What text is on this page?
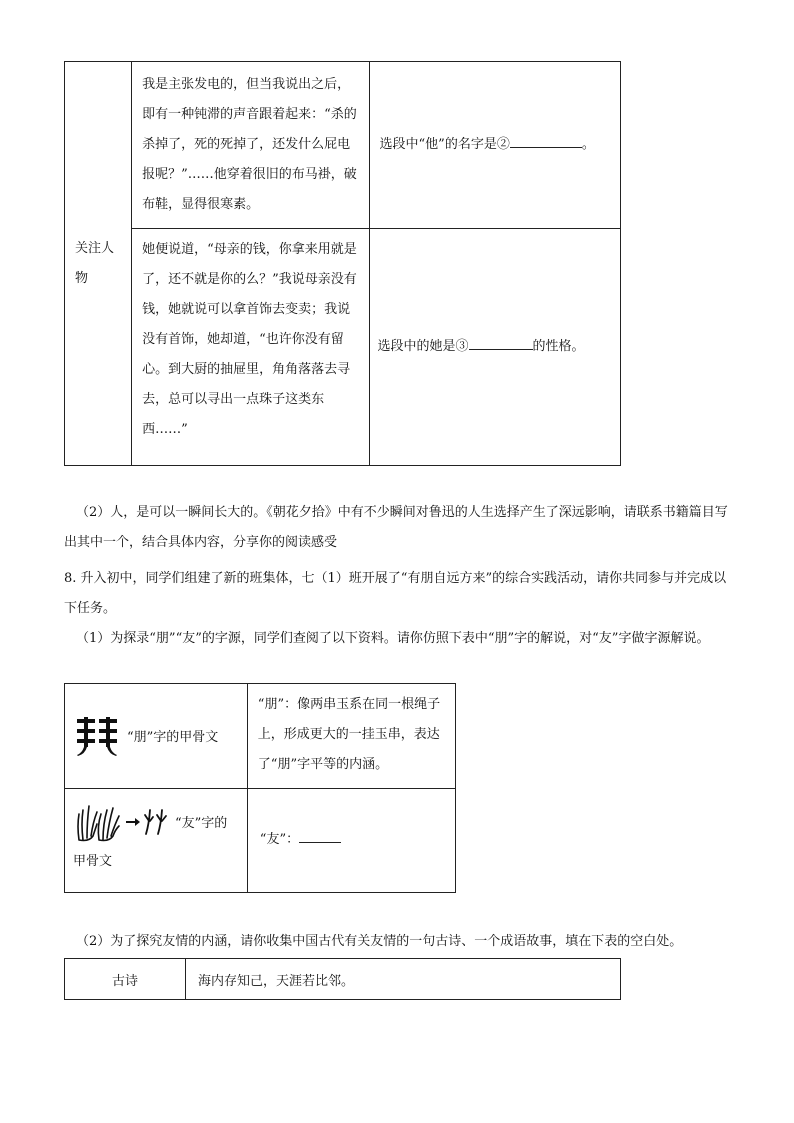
关注人物	我是主张发电的，但当我说出之后，即有一种钝滞的声音跟着起来：“杀的杀掉了，死的死掉了，还发什么屁电报呢？”……他穿着很旧的布马褂，破布鞋，显得很寒素。	选段中“他”的名字是② 。

	她便说道，“母亲的钱，你拿来用就是了，还不就是你的么？”我说母亲没有钱，她就说可以拿首饰去变卖；我说没有首饰，她却道，“也许你没有留心。到大厨的抽屉里，角角落落去寻去，总可以寻出一点珠子这类东西……”	选段中的她是③ 的性格。
（2）人，是可以一瞬间长大的。《朝花夕拾》中有不少瞬间对鲁迅的人生选择产生了深远影响，请联系书籍篇目写出其中一个，结合具体内容，分享你的阅读感受
8. 升入初中，同学们组建了新的班集体，七（1）班开展了“有朋自远方来”的综合实践活动，请你共同参与并完成以下任务。
（1）为探录“朋”“友”的字源，同学们查阅了以下资料。请你仿照下表中“朋”字的解说，对“友”字做字源解说。
“朋”字的甲骨文	“朋”：像两串玉系在同一根绳子上，形成更大的一挂玉串，表达了“朋”字平等的内涵。

“友”字的
甲骨文	“友”：
（2）为了探究友情的内涵，请你收集中国古代有关友情的一句古诗、一个成语故事，填在下表的空白处。
古诗	海内存知己，天涯若比邻。
